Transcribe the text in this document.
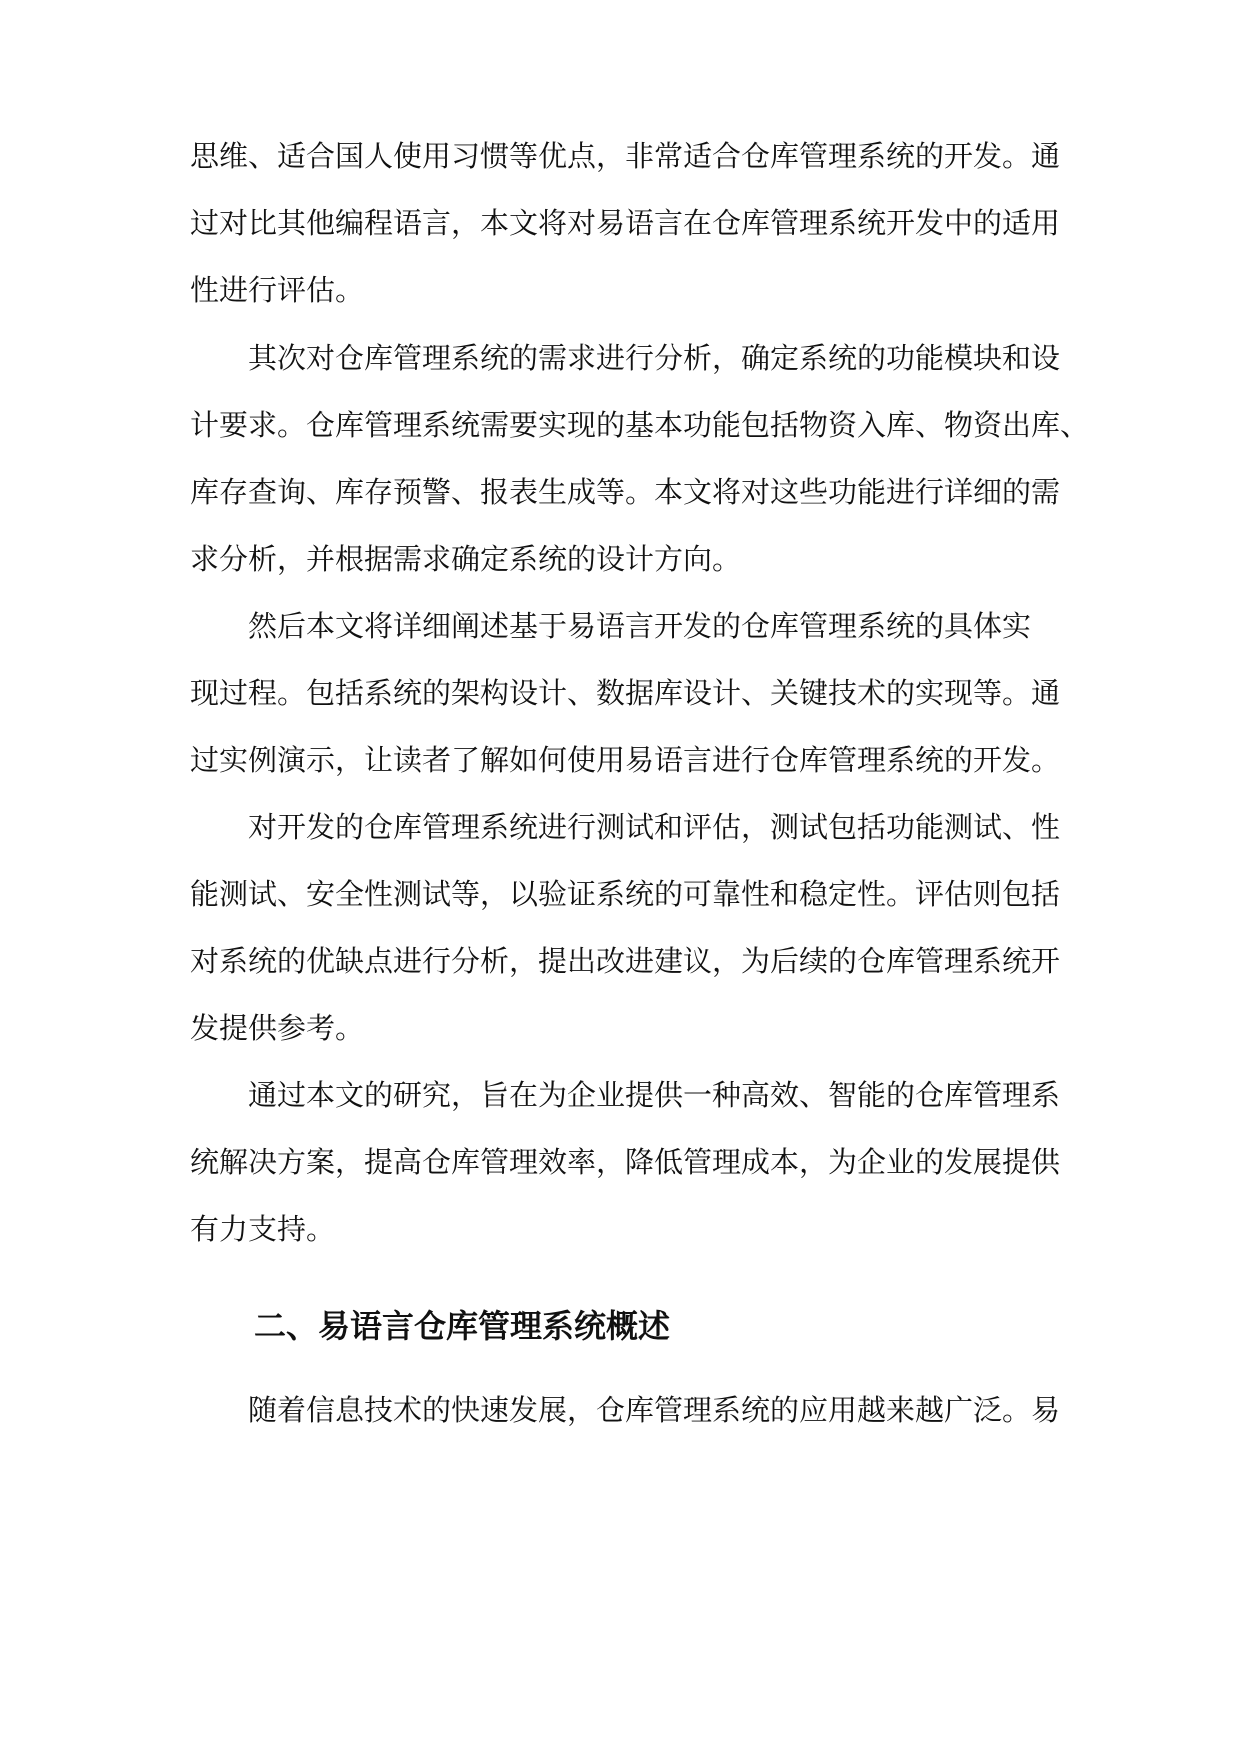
思维、适合国人使用习惯等优点，非常适合仓库管理系统的开发。通

过对比其他编程语言，本文将对易语言在仓库管理系统开发中的适用

性进行评估。

其次对仓库管理系统的需求进行分析，确定系统的功能模块和设

计要求。仓库管理系统需要实现的基本功能包括物资入库、物资出库、

库存查询、库存预警、报表生成等。本文将对这些功能进行详细的需

求分析，并根据需求确定系统的设计方向。

然后本文将详细阐述基于易语言开发的仓库管理系统的具体实

现过程。包括系统的架构设计、数据库设计、关键技术的实现等。通

过实例演示，让读者了解如何使用易语言进行仓库管理系统的开发。

对开发的仓库管理系统进行测试和评估，测试包括功能测试、性

能测试、安全性测试等，以验证系统的可靠性和稳定性。评估则包括

对系统的优缺点进行分析，提出改进建议，为后续的仓库管理系统开

发提供参考。

通过本文的研究，旨在为企业提供一种高效、智能的仓库管理系

统解决方案，提高仓库管理效率，降低管理成本，为企业的发展提供

有力支持。

二、易语言仓库管理系统概述

随着信息技术的快速发展，仓库管理系统的应用越来越广泛。易
